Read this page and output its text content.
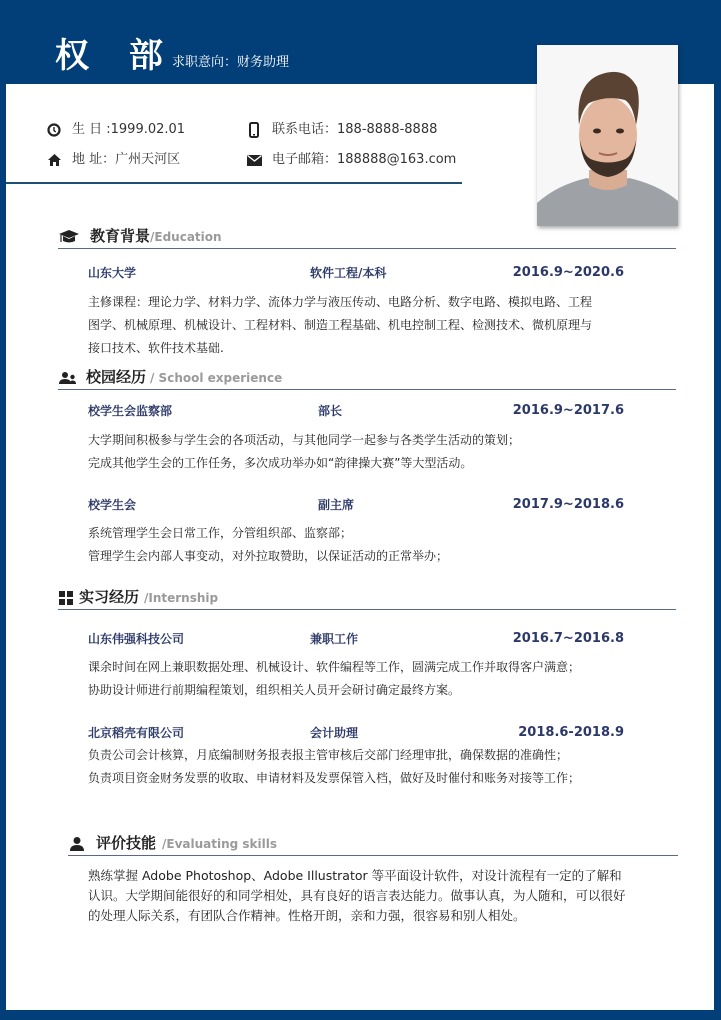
权 部
求职意向：财务助理
生 日 :1999.02.01
地 址：广州天河区
联系电话：188-8888-8888
电子邮箱：188888@163.com
教育背景 /Education
山东大学	软件工程/本科	2016.9~2020.6
主修课程：理论力学、材料力学、流体力学与液压传动、电路分析、数字电路、模拟电路、工程
图学、机械原理、机械设计、工程材料、制造工程基础、机电控制工程、检测技术、微机原理与
接口技术、软件技术基础.
校园经历 / School experience
校学生会监察部	部长	2016.9~2017.6
大学期间积极参与学生会的各项活动，与其他同学一起参与各类学生活动的策划；
完成其他学生会的工作任务，多次成功举办如“韵律操大赛”等大型活动。
校学生会	副主席	2017.9~2018.6
系统管理学生会日常工作，分管组织部、监察部；
管理学生会内部人事变动，对外拉取赞助，以保证活动的正常举办；
实习经历 /Internship
山东伟强科技公司	兼职工作	2016.7~2016.8
课余时间在网上兼职数据处理、机械设计、软件编程等工作，圆满完成工作并取得客户满意；
协助设计师进行前期编程策划，组织相关人员开会研讨确定最终方案。
北京稻壳有限公司	会计助理	2018.6-2018.9
负责公司会计核算，月底编制财务报表报主管审核后交部门经理审批，确保数据的准确性；
负责项目资金财务发票的收取、申请材料及发票保管入档，做好及时催付和账务对接等工作；
评价技能 /Evaluating skills
熟练掌握 Adobe Photoshop、Adobe Illustrator 等平面设计软件，对设计流程有一定的了解和
认识。大学期间能很好的和同学相处，具有良好的语言表达能力。做事认真，为人随和，可以很好
的处理人际关系，有团队合作精神。性格开朗，亲和力强，很容易和别人相处。
